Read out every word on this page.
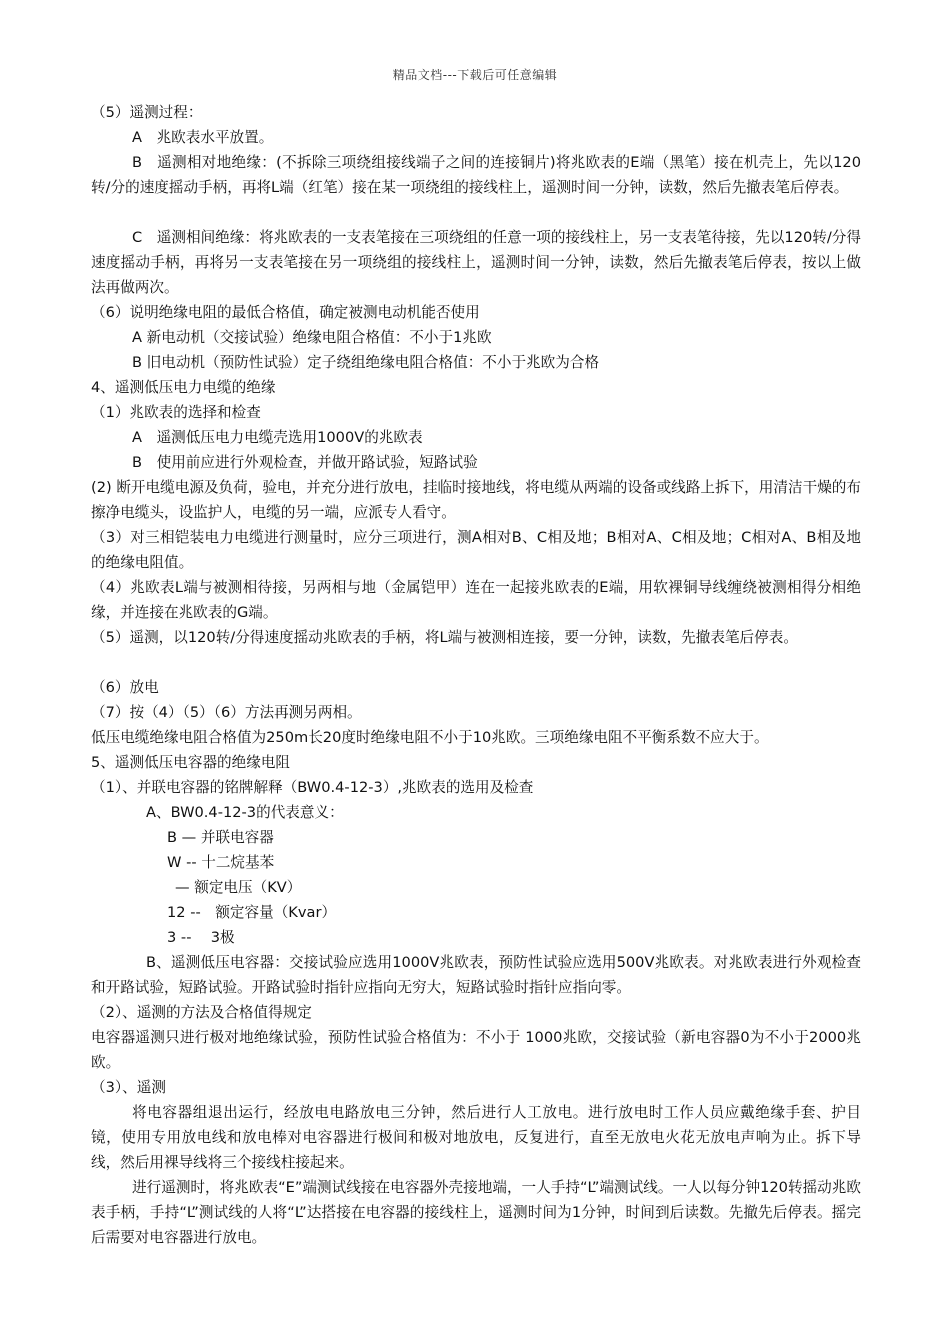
精品文档---下载后可任意编辑
（5）遥测过程：
A　兆欧表水平放置。
B　遥测相对地绝缘：(不拆除三项绕组接线端子之间的连接铜片)将兆欧表的E端（黑笔）接在机壳上，先以120转/分的速度摇动手柄，再将L端（红笔）接在某一项绕组的接线柱上，遥测时间一分钟，读数，然后先撤表笔后停表。
C　遥测相间绝缘：将兆欧表的一支表笔接在三项绕组的任意一项的接线柱上，另一支表笔待接，先以120转/分得速度摇动手柄，再将另一支表笔接在另一项绕组的接线柱上，遥测时间一分钟，读数，然后先撤表笔后停表，按以上做法再做两次。
（6）说明绝缘电阻的最低合格值，确定被测电动机能否使用
A 新电动机（交接试验）绝缘电阻合格值：不小于1兆欧
B 旧电动机（预防性试验）定子绕组绝缘电阻合格值：不小于兆欧为合格
4、遥测低压电力电缆的绝缘
（1）兆欧表的选择和检查
A　遥测低压电力电缆壳选用1000V的兆欧表
B　使用前应进行外观检查，并做开路试验，短路试验
(2) 断开电缆电源及负荷，验电，并充分进行放电，挂临时接地线，将电缆从两端的设备或线路上拆下，用清洁干燥的布擦净电缆头，设监护人，电缆的另一端，应派专人看守。
（3）对三相铠装电力电缆进行测量时，应分三项进行，测A相对B、C相及地；B相对A、C相及地；C相对A、B相及地的绝缘电阻值。
（4）兆欧表L端与被测相待接，另两相与地（金属铠甲）连在一起接兆欧表的E端，用软裸铜导线缠绕被测相得分相绝缘，并连接在兆欧表的G端。
（5）遥测，以120转/分得速度摇动兆欧表的手柄，将L端与被测相连接，要一分钟，读数，先撤表笔后停表。
（6）放电
（7）按（4）（5）（6）方法再测另两相。
低压电缆绝缘电阻合格值为250m长20度时绝缘电阻不小于10兆欧。三项绝缘电阻不平衡系数不应大于。
5、遥测低压电容器的绝缘电阻
（1）、并联电容器的铭牌解释（BW0.4-12-3）,兆欧表的选用及检查
A、BW0.4-12-3的代表意义：
B — 并联电容器
W -- 十二烷基苯
— 额定电压（KV）
12 --　额定容量（Kvar）
3 --　 3极
B、遥测低压电容器：交接试验应选用1000V兆欧表，预防性试验应选用500V兆欧表。对兆欧表进行外观检查和开路试验，短路试验。开路试验时指针应指向无穷大，短路试验时指针应指向零。
（2）、遥测的方法及合格值得规定
电容器遥测只进行极对地绝缘试验，预防性试验合格值为：不小于 1000兆欧，交接试验（新电容器0为不小于2000兆欧。
（3）、遥测
将电容器组退出运行，经放电电路放电三分钟，然后进行人工放电。进行放电时工作人员应戴绝缘手套、护目镜，使用专用放电线和放电棒对电容器进行极间和极对地放电，反复进行，直至无放电火花无放电声响为止。拆下导线，然后用裸导线将三个接线柱接起来。
进行遥测时，将兆欧表“E”端测试线接在电容器外壳接地端，一人手持“L”端测试线。一人以每分钟120转摇动兆欧表手柄，手持“L”测试线的人将“L”达搭接在电容器的接线柱上，遥测时间为1分钟，时间到后读数。先撤先后停表。摇完后需要对电容器进行放电。
